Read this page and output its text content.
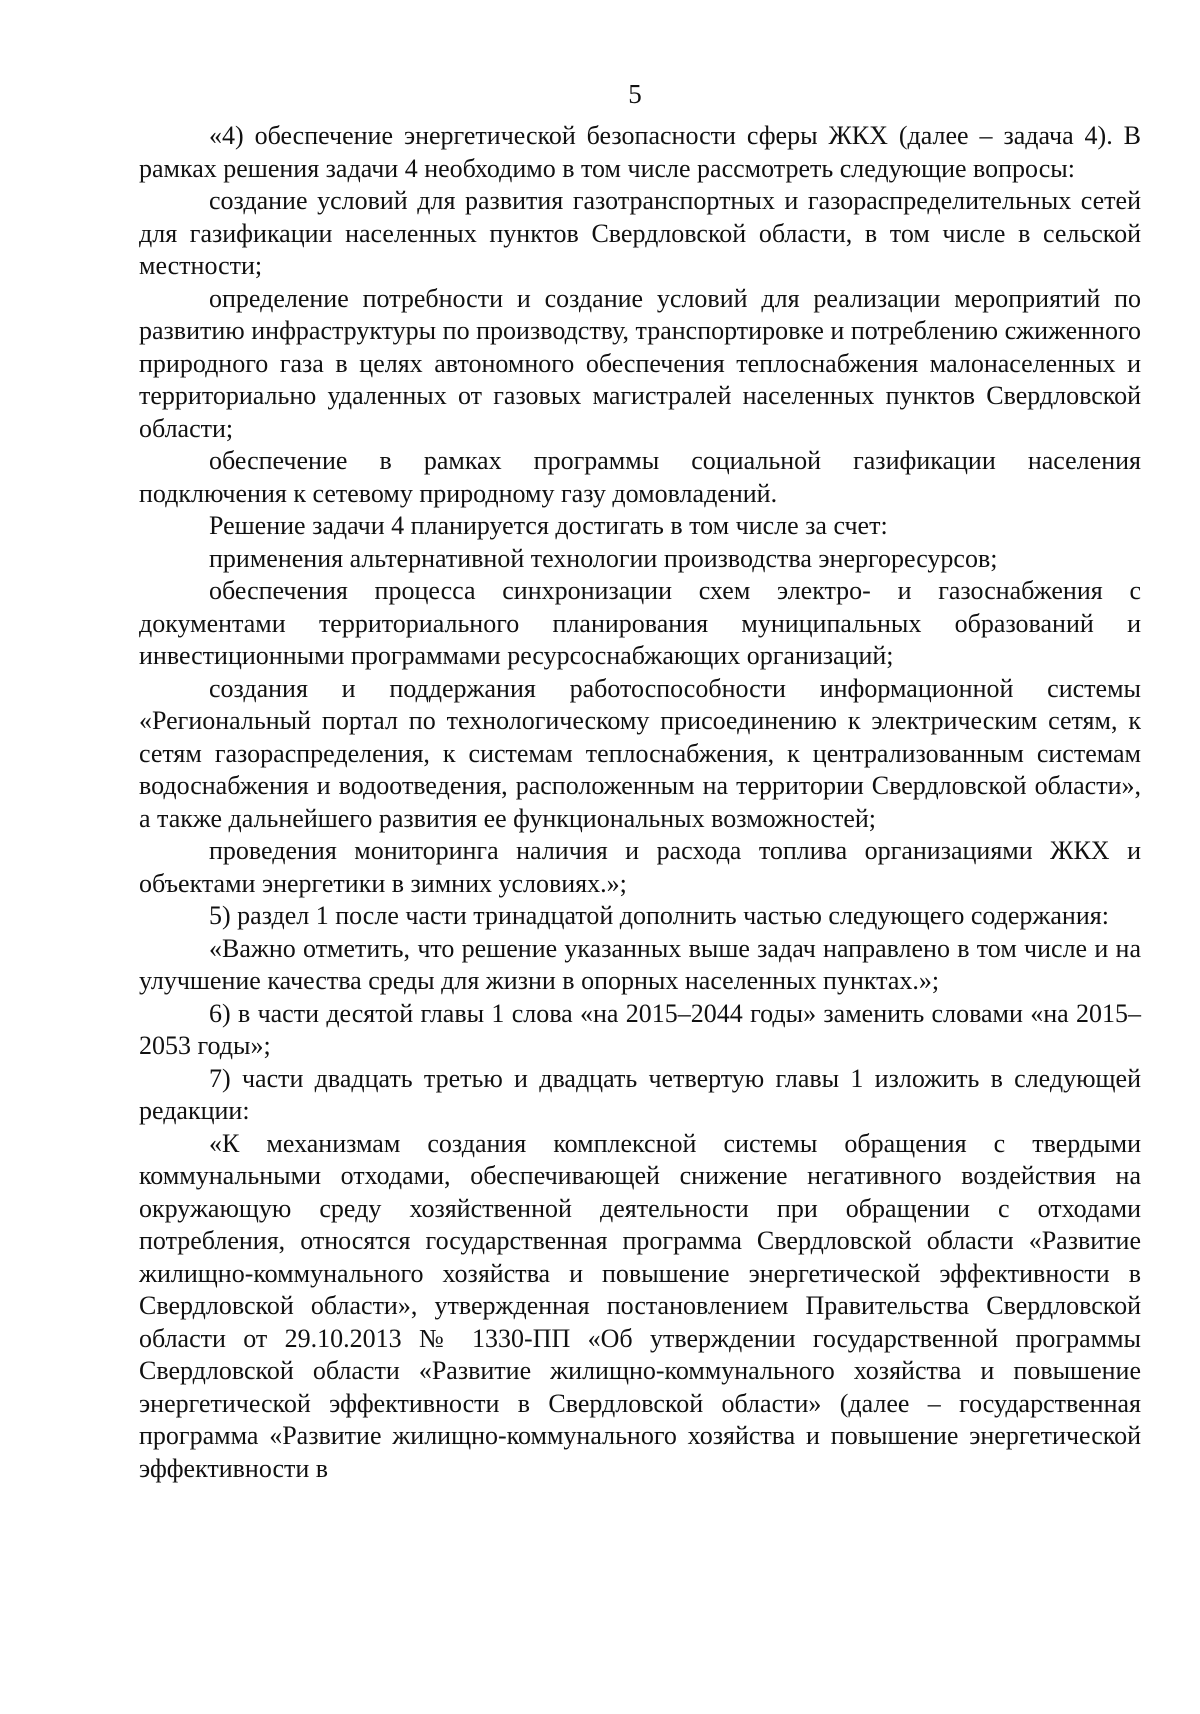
5

«4) обеспечение энергетической безопасности сферы ЖКХ (далее – задача 4). В рамках решения задачи 4 необходимо в том числе рассмотреть следующие вопросы:

создание условий для развития газотранспортных и газораспределительных сетей для газификации населенных пунктов Свердловской области, в том числе в сельской местности;

определение потребности и создание условий для реализации мероприятий по развитию инфраструктуры по производству, транспортировке и потреблению сжиженного природного газа в целях автономного обеспечения теплоснабжения малонаселенных и территориально удаленных от газовых магистралей населенных пунктов Свердловской области;

обеспечение в рамках программы социальной газификации населения подключения к сетевому природному газу домовладений.

Решение задачи 4 планируется достигать в том числе за счет:

применения альтернативной технологии производства энергоресурсов;

обеспечения процесса синхронизации схем электро- и газоснабжения с документами территориального планирования муниципальных образований и инвестиционными программами ресурсоснабжающих организаций;

создания и поддержания работоспособности информационной системы «Региональный портал по технологическому присоединению к электрическим сетям, к сетям газораспределения, к системам теплоснабжения, к централизованным системам водоснабжения и водоотведения, расположенным на территории Свердловской области», а также дальнейшего развития ее функциональных возможностей;

проведения мониторинга наличия и расхода топлива организациями ЖКХ и объектами энергетики в зимних условиях.»;

5) раздел 1 после части тринадцатой дополнить частью следующего содержания:

«Важно отметить, что решение указанных выше задач направлено в том числе и на улучшение качества среды для жизни в опорных населенных пунктах.»;

6) в части десятой главы 1 слова «на 2015–2044 годы» заменить словами «на 2015–2053 годы»;

7) части двадцать третью и двадцать четвертую главы 1 изложить в следующей редакции:

«К механизмам создания комплексной системы обращения с твердыми коммунальными отходами, обеспечивающей снижение негативного воздействия на окружающую среду хозяйственной деятельности при обращении с отходами потребления, относятся государственная программа Свердловской области «Развитие жилищно-коммунального хозяйства и повышение энергетической эффективности в Свердловской области», утвержденная постановлением Правительства Свердловской области от 29.10.2013 № 1330-ПП «Об утверждении государственной программы Свердловской области «Развитие жилищно-коммунального хозяйства и повышение энергетической эффективности в Свердловской области» (далее – государственная программа «Развитие жилищно-коммунального хозяйства и повышение энергетической эффективности в
